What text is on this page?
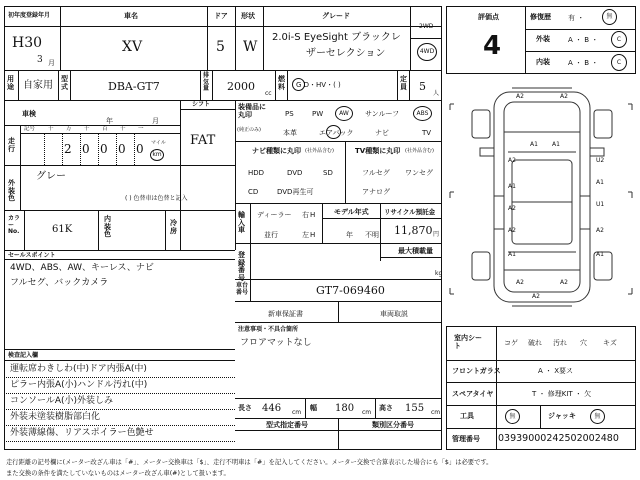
初年度登録年月	車名	ドア 形状	グレード
H30
3 月
XV	5 W
2.0i-S EyeSight ブラックレ
ザーセレクション
2WD
4WD
用途 自家用
型式	DBA-GT7
排気量 2000
cc
燃料 G D・HV・( )
定員 5
人
車検
年	月
シフト
FAT
走行
記号 十 万 千 百 十 一
2 0 0 0 0 マイル
km
外装色
グレー
( ) 色替車は色替と記入
カラーNo.	61K
内装色
冷房
装備品に丸印
(純正のみ)
PS	PW	AW	サンルーフ	ABS
本革	エアバック	ナビ	TV
ナビ種類に丸印 (社外品含む)	TV種類に丸印 (社外品含む)
HDD	DVD	SD
CD	DVD再生可
フルセグ ワンセグ
アナログ
輸入車
ディーラー
並行
右 H
左 H
モデル年式
年 不明
リサイクル預託金
11,870 円
最大積載量
kg
登録番号
車台番号	GT7-069460
新車保証書	車両取説
セールスポイント
4WD、ABS、AW、キーレス、ナビ
フルセグ、バックカメラ
注意事項・不具合箇所
フロアマットなし
検査記入欄
運転席わきしわ(中)ドア内張A(中)
ピラー内張A(小)ハンドル汚れ(中)
コンソールA(小)外装しみ
外装未塗装樹脂部白化
外装薄線傷、リアスポイラー色艶せ
長さ 446 cm
幅 180 cm
高さ 155 cm
型式指定番号	類別区分番号
評価点
4
修復歴 有 ・	無
外装	A ・ B ・	C
内装	A ・ B ・	C
A2	A2
A1 A1
A2	U2
A1
A1
A2
U1
A2	A2
A2	A2
A2
A1	A1
室内シート	コゲ 破れ 汚れ 穴 キズ
フロントガラス	A ・ X要ス
スペアタイヤ	T ・ 修理KIT ・ 欠
工具	無	ジャッキ	無
管理番号 0393900024250200248​0
走行距離の記号欄に(メーター改ざん車は「#」、メーター交換車は「$」、走行不明車は「#」を記入してください。メーター交換で合算表示した場合にも「$」は必要です。
また交換の条件を満たしていないものはメーター改ざん車(#)として扱います。
